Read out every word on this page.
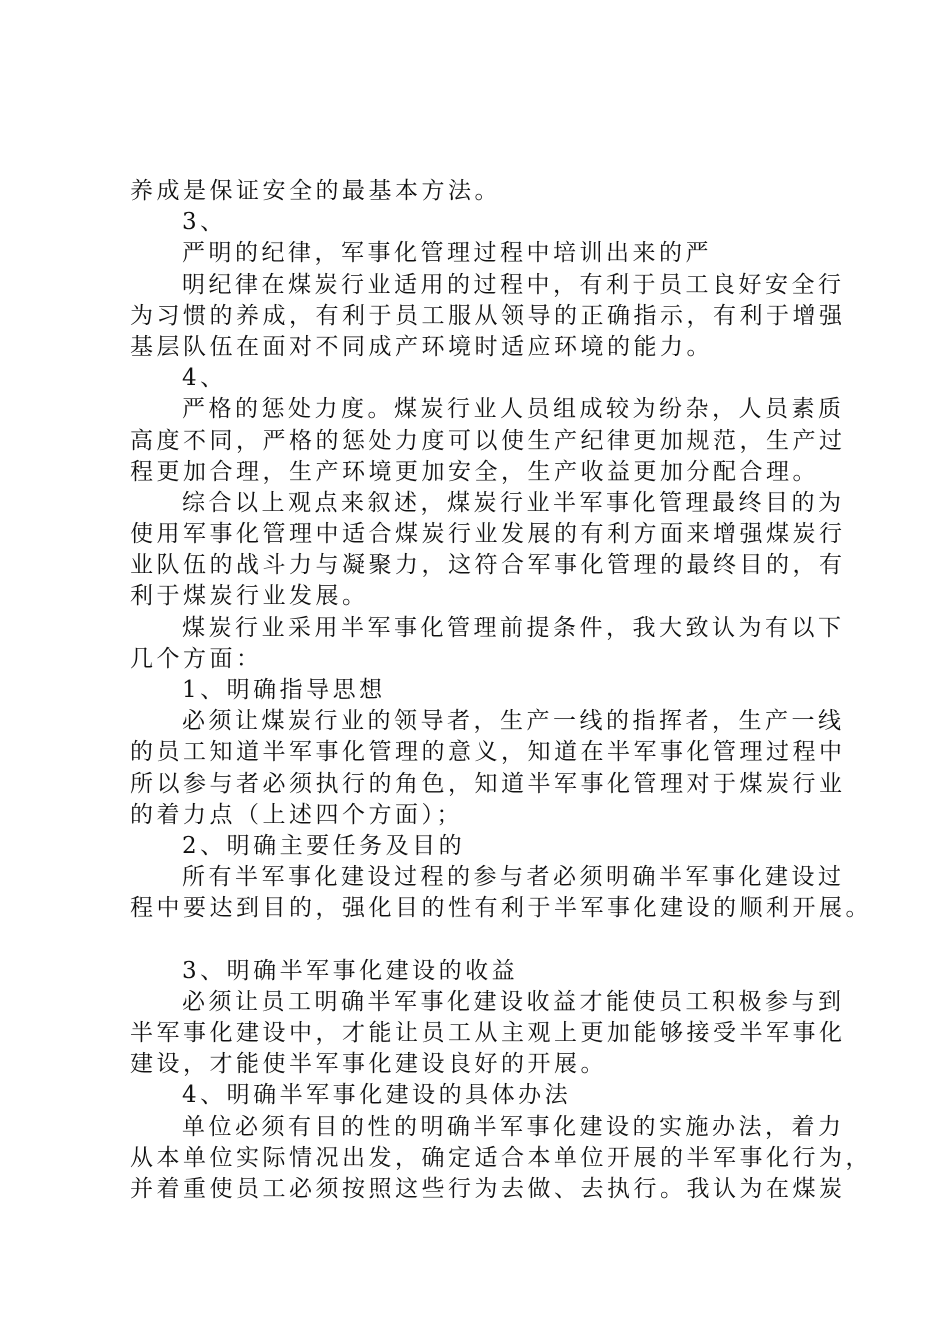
养成是保证安全的最基本方法。
3、
严明的纪律，军事化管理过程中培训出来的严
明纪律在煤炭行业适用的过程中，有利于员工良好安全行
为习惯的养成，有利于员工服从领导的正确指示，有利于增强
基层队伍在面对不同成产环境时适应环境的能力。
4、
严格的惩处力度。煤炭行业人员组成较为纷杂，人员素质
高度不同，严格的惩处力度可以使生产纪律更加规范，生产过
程更加合理，生产环境更加安全，生产收益更加分配合理。
综合以上观点来叙述，煤炭行业半军事化管理最终目的为
使用军事化管理中适合煤炭行业发展的有利方面来增强煤炭行
业队伍的战斗力与凝聚力，这符合军事化管理的最终目的，有
利于煤炭行业发展。
煤炭行业采用半军事化管理前提条件，我大致认为有以下
几个方面：
1、明确指导思想
必须让煤炭行业的领导者，生产一线的指挥者，生产一线
的员工知道半军事化管理的意义，知道在半军事化管理过程中
所以参与者必须执行的角色，知道半军事化管理对于煤炭行业
的着力点（上述四个方面）；
2、明确主要任务及目的
所有半军事化建设过程的参与者必须明确半军事化建设过
程中要达到目的，强化目的性有利于半军事化建设的顺利开展。
3、明确半军事化建设的收益
必须让员工明确半军事化建设收益才能使员工积极参与到
半军事化建设中，才能让员工从主观上更加能够接受半军事化
建设，才能使半军事化建设良好的开展。
4、明确半军事化建设的具体办法
单位必须有目的性的明确半军事化建设的实施办法，着力
从本单位实际情况出发，确定适合本单位开展的半军事化行为，
并着重使员工必须按照这些行为去做、去执行。我认为在煤炭
